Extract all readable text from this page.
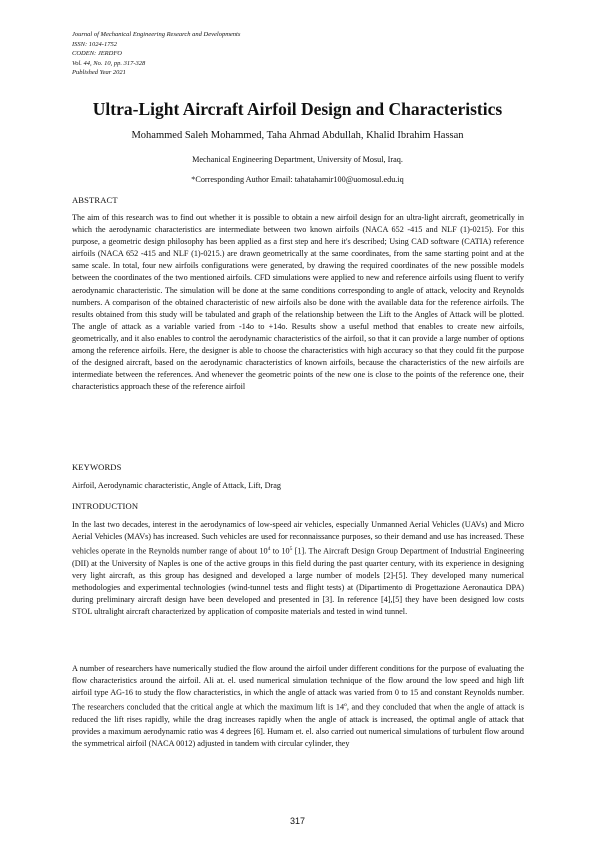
Journal of Mechanical Engineering Research and Developments
ISSN: 1024-1752
CODEN: JERDFO
Vol. 44, No. 10, pp. 317-328
Published Year 2021
Ultra-Light Aircraft Airfoil Design and Characteristics
Mohammed Saleh Mohammed, Taha Ahmad Abdullah, Khalid Ibrahim Hassan
Mechanical Engineering Department, University of Mosul, Iraq.
*Corresponding Author Email: tahatahamir100@uomosul.edu.iq
ABSTRACT

The aim of this research was to find out whether it is possible to obtain a new airfoil design for an ultra-light aircraft, geometrically in which the aerodynamic characteristics are intermediate between two known airfoils (NACA 652 -415 and NLF (1)-0215). For this purpose, a geometric design philosophy has been applied as a first step and here it's described; Using CAD software (CATIA) reference airfoils (NACA 652 -415 and NLF (1)-0215.) are drawn geometrically at the same coordinates, from the same starting point and at the same scale. In total, four new airfoils configurations were generated, by drawing the required coordinates of the new possible models between the coordinates of the two mentioned airfoils. CFD simulations were applied to new and reference airfoils using fluent to verify aerodynamic characteristic. The simulation will be done at the same conditions corresponding to angle of attack, velocity and Reynolds numbers. A comparison of the obtained characteristic of new airfoils also be done with the available data for the reference airfoils. The results obtained from this study will be tabulated and graph of the relationship between the Lift to the Angles of Attack will be plotted. The angle of attack as a variable varied from -14o to +14o. Results show a useful method that enables to create new airfoils, geometrically, and it also enables to control the aerodynamic characteristics of the airfoil, so that it can provide a large number of options among the reference airfoils. Here, the designer is able to choose the characteristics with high accuracy so that they could fit the purpose of the designed aircraft, based on the aerodynamic characteristics of known airfoils, because the characteristics of the new airfoils are intermediate between the references. And whenever the geometric points of the new one is close to the points of the reference one, their characteristics approach these of the reference airfoil

KEYWORDS

Airfoil, Aerodynamic characteristic, Angle of Attack, Lift, Drag

INTRODUCTION

In the last two decades, interest in the aerodynamics of low-speed air vehicles, especially Unmanned Aerial Vehicles (UAVs) and Micro Aerial Vehicles (MAVs) has increased. Such vehicles are used for reconnaissance purposes, so their demand and use has increased. These vehicles operate in the Reynolds number range of about $10^4$ to $10^5$ [1]. The Aircraft Design Group Department of Industrial Engineering (DII) at the University of Naples is one of the active groups in this field during the past quarter century, with its experience in designing very light aircraft, as this group has designed and developed a large number of models [2]-[5]. They developed many numerical methodologies and experimental technologies (wind-tunnel tests and flight tests) at (Dipartimento di Progettazione Aeronautica DPA) during preliminary aircraft design have been developed and presented in [3]. In reference [4],[5] they have been designed low costs STOL ultralight aircraft characterized by application of composite materials and tested in wind tunnel.

A number of researchers have numerically studied the flow around the airfoil under different conditions for the purpose of evaluating the flow characteristics around the airfoil. Ali at. el. used numerical simulation technique of the flow around the low speed and high lift airfoil type AG-16 to study the flow characteristics, in which the angle of attack was varied from 0 to 15 and constant Reynolds number. The researchers concluded that the critical angle at which the maximum lift is 14$^o$, and they concluded that when the angle of attack is reduced the lift rises rapidly, while the drag increases rapidly when the angle of attack is increased, the optimal angle of attack that provides a maximum aerodynamic ratio was 4 degrees [6]. Humam et. el. also carried out numerical simulations of turbulent flow around the symmetrical airfoil (NACA 0012) adjusted in tandem with circular cylinder, they

317
